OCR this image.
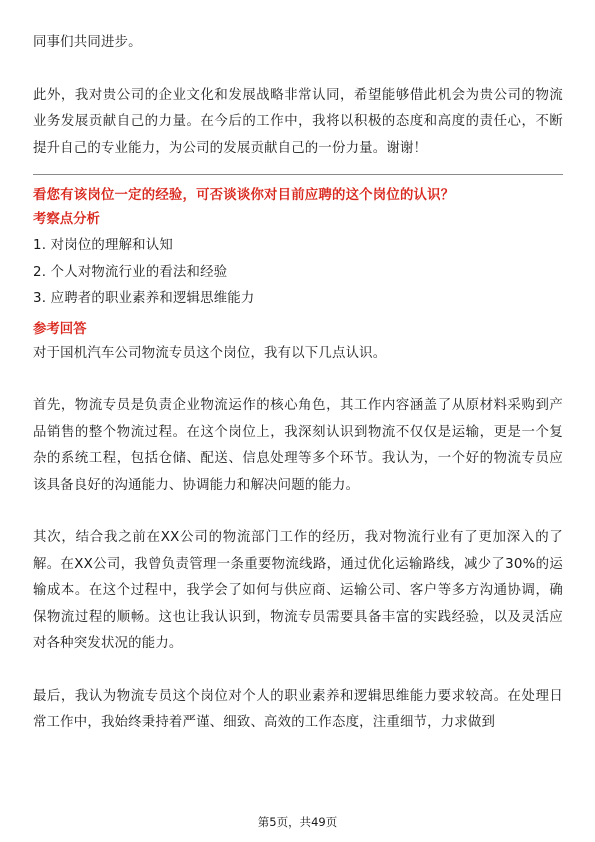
同事们共同进步。

此外，我对贵公司的企业文化和发展战略非常认同，希望能够借此机会为贵公司的物流业务发展贡献自己的力量。在今后的工作中，我将以积极的态度和高度的责任心，不断提升自己的专业能力，为公司的发展贡献自己的一份力量。谢谢！

看您有该岗位一定的经验，可否谈谈你对目前应聘的这个岗位的认识？
考察点分析
1. 对岗位的理解和认知
2. 个人对物流行业的看法和经验
3. 应聘者的职业素养和逻辑思维能力
参考回答

对于国机汽车公司物流专员这个岗位，我有以下几点认识。

首先，物流专员是负责企业物流运作的核心角色，其工作内容涵盖了从原材料采购到产品销售的整个物流过程。在这个岗位上，我深刻认识到物流不仅仅是运输，更是一个复杂的系统工程，包括仓储、配送、信息处理等多个环节。我认为，一个好的物流专员应该具备良好的沟通能力、协调能力和解决问题的能力。

其次，结合我之前在XX公司的物流部门工作的经历，我对物流行业有了更加深入的了解。在XX公司，我曾负责管理一条重要物流线路，通过优化运输路线，减少了30%的运输成本。在这个过程中，我学会了如何与供应商、运输公司、客户等多方沟通协调，确保物流过程的顺畅。这也让我认识到，物流专员需要具备丰富的实践经验，以及灵活应对各种突发状况的能力。

最后，我认为物流专员这个岗位对个人的职业素养和逻辑思维能力要求较高。在处理日常工作中，我始终秉持着严谨、细致、高效的工作态度，注重细节，力求做到

第5页，共49页
